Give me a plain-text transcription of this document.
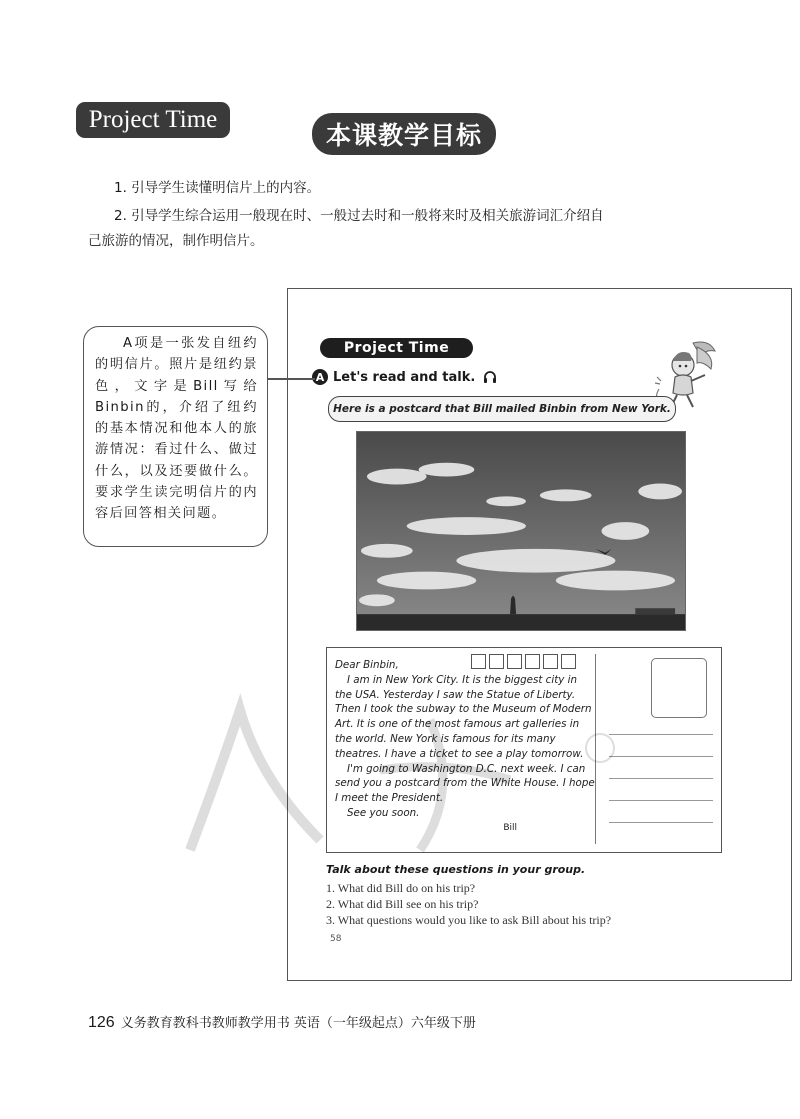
Project Time
本课教学目标
1. 引导学生读懂明信片上的内容。
2. 引导学生综合运用一般现在时、一般过去时和一般将来时及相关旅游词汇介绍自
己旅游的情况，制作明信片。
Project Time
A Let's read and talk.
Here is a postcard that Bill mailed Binbin from New York.

Dear Binbin,

I am in New York City. It is the biggest city in the USA. Yesterday I saw the Statue of Liberty. Then I took the subway to the Museum of Modern Art. It is one of the most famous art galleries in the world. New York is famous for its many theatres. I have a ticket to see a play tomorrow.

I'm going to Washington D.C. next week. I can send you a postcard from the White House. I hope I meet the President.

See you soon.

Bill

Talk about these questions in your group.
1. What did Bill do on his trip?
2. What did Bill see on his trip?
3. What questions would you like to ask Bill about his trip?
58
A项是一张发自纽约的明信片。照片是纽约景色，文字是Bill写给Binbin的，介绍了纽约的基本情况和他本人的旅游情况：看过什么、做过什么，以及还要做什么。要求学生读完明信片的内容后回答相关问题。
126 义务教育教科书教师教学用书 英语（一年级起点）六年级下册
